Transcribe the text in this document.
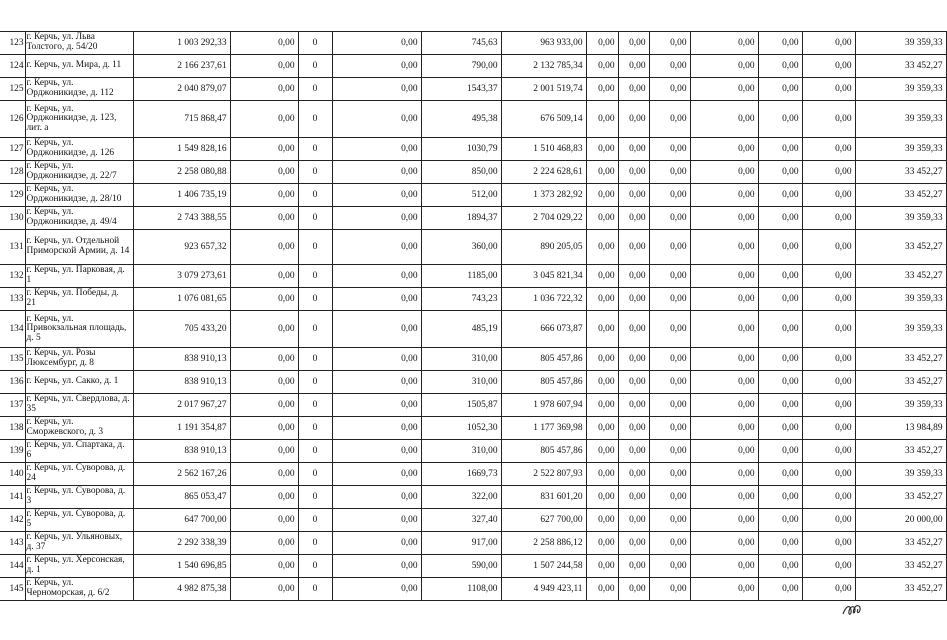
123	г. Керчь, ул. Льва Толстого, д. 54/20	1 003 292,33	0,00	0	0,00	745,63	963 933,00	0,00	0,00	0,00	0,00	0,00	0,00	39 359,33
124	г. Керчь, ул. Мира, д. 11	2 166 237,61	0,00	0	0,00	790,00	2 132 785,34	0,00	0,00	0,00	0,00	0,00	0,00	33 452,27
125	г. Керчь, ул. Орджоникидзе, д. 112	2 040 879,07	0,00	0	0,00	1543,37	2 001 519,74	0,00	0,00	0,00	0,00	0,00	0,00	39 359,33
126	г. Керчь, ул. Орджоникидзе, д. 123, лит. а	715 868,47	0,00	0	0,00	495,38	676 509,14	0,00	0,00	0,00	0,00	0,00	0,00	39 359,33
127	г. Керчь, ул. Орджоникидзе, д. 126	1 549 828,16	0,00	0	0,00	1030,79	1 510 468,83	0,00	0,00	0,00	0,00	0,00	0,00	39 359,33
128	г. Керчь, ул. Орджоникидзе, д. 22/7	2 258 080,88	0,00	0	0,00	850,00	2 224 628,61	0,00	0,00	0,00	0,00	0,00	0,00	33 452,27
129	г. Керчь, ул. Орджоникидзе, д. 28/10	1 406 735,19	0,00	0	0,00	512,00	1 373 282,92	0,00	0,00	0,00	0,00	0,00	0,00	33 452,27
130	г. Керчь, ул. Орджоникидзе, д. 49/4	2 743 388,55	0,00	0	0,00	1894,37	2 704 029,22	0,00	0,00	0,00	0,00	0,00	0,00	39 359,33
131	г. Керчь, ул. Отдельной Приморской Армии, д. 14	923 657,32	0,00	0	0,00	360,00	890 205,05	0,00	0,00	0,00	0,00	0,00	0,00	33 452,27
132	г. Керчь, ул. Парковая, д. 1	3 079 273,61	0,00	0	0,00	1185,00	3 045 821,34	0,00	0,00	0,00	0,00	0,00	0,00	33 452,27
133	г. Керчь, ул. Победы, д. 21	1 076 081,65	0,00	0	0,00	743,23	1 036 722,32	0,00	0,00	0,00	0,00	0,00	0,00	39 359,33
134	г. Керчь, ул. Привокзальная площадь, д. 5	705 433,20	0,00	0	0,00	485,19	666 073,87	0,00	0,00	0,00	0,00	0,00	0,00	39 359,33
135	г. Керчь, ул. Розы Люксембург, д. 8	838 910,13	0,00	0	0,00	310,00	805 457,86	0,00	0,00	0,00	0,00	0,00	0,00	33 452,27
136	г. Керчь, ул. Сакко, д. 1	838 910,13	0,00	0	0,00	310,00	805 457,86	0,00	0,00	0,00	0,00	0,00	0,00	33 452,27
137	г. Керчь, ул. Свердлова, д. 35	2 017 967,27	0,00	0	0,00	1505,87	1 978 607,94	0,00	0,00	0,00	0,00	0,00	0,00	39 359,33
138	г. Керчь, ул. Сморжевского, д. 3	1 191 354,87	0,00	0	0,00	1052,30	1 177 369,98	0,00	0,00	0,00	0,00	0,00	0,00	13 984,89
139	г. Керчь, ул. Спартака, д. 6	838 910,13	0,00	0	0,00	310,00	805 457,86	0,00	0,00	0,00	0,00	0,00	0,00	33 452,27
140	г. Керчь, ул. Суворова, д. 24	2 562 167,26	0,00	0	0,00	1669,73	2 522 807,93	0,00	0,00	0,00	0,00	0,00	0,00	39 359,33
141	г. Керчь, ул. Суворова, д. 3	865 053,47	0,00	0	0,00	322,00	831 601,20	0,00	0,00	0,00	0,00	0,00	0,00	33 452,27
142	г. Керчь, ул. Суворова, д. 5	647 700,00	0,00	0	0,00	327,40	627 700,00	0,00	0,00	0,00	0,00	0,00	0,00	20 000,00
143	г. Керчь, ул. Ульяновых, д. 37	2 292 338,39	0,00	0	0,00	917,00	2 258 886,12	0,00	0,00	0,00	0,00	0,00	0,00	33 452,27
144	г. Керчь, ул. Херсонская, д. 1	1 540 696,85	0,00	0	0,00	590,00	1 507 244,58	0,00	0,00	0,00	0,00	0,00	0,00	33 452,27
145	г. Керчь, ул. Черноморская, д. 6/2	4 982 875,38	0,00	0	0,00	1108,00	4 949 423,11	0,00	0,00	0,00	0,00	0,00	0,00	33 452,27
